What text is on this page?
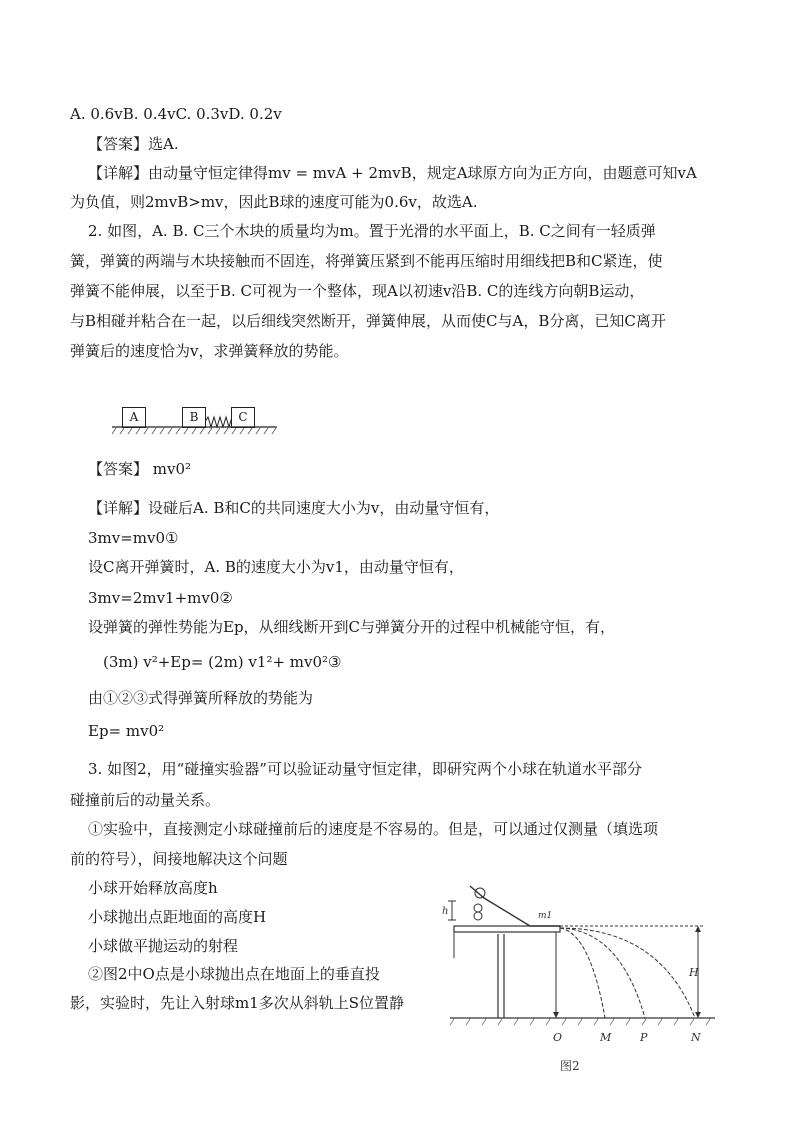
A. 0.6vB. 0.4vC. 0.3vD. 0.2v
【答案】选A.
【详解】由动量守恒定律得mv = mvA + 2mvB，规定A球原方向为正方向，由题意可知vA
为负值，则2mvB>mv，因此B球的速度可能为0.6v，故选A.
2. 如图，A. B. C三个木块的质量均为m。置于光滑的水平面上，B. C之间有一轻质弹
簧，弹簧的两端与木块接触而不固连，将弹簧压紧到不能再压缩时用细线把B和C紧连，使
弹簧不能伸展，以至于B. C可视为一个整体，现A以初速v沿B. C的连线方向朝B运动，
与B相碰并粘合在一起，以后细线突然断开，弹簧伸展，从而使C与A，B分离，已知C离开
弹簧后的速度恰为v，求弹簧释放的势能。
A	B	C
【答案】 mv0²
【详解】设碰后A. B和C的共同速度大小为v，由动量守恒有，
3mv=mv0①
设C离开弹簧时，A. B的速度大小为v1，由动量守恒有，
3mv=2mv1+mv0②
设弹簧的弹性势能为Ep，从细线断开到C与弹簧分开的过程中机械能守恒，有，
(3m) v²+Ep= (2m) v1²+ mv0²③
由①②③式得弹簧所释放的势能为
Ep= mv0²
3. 如图2，用“碰撞实验器”可以验证动量守恒定律，即研究两个小球在轨道水平部分
碰撞前后的动量关系。
①实验中，直接测定小球碰撞前后的速度是不容易的。但是，可以通过仅测量（填选项
前的符号），间接地解决这个问题
小球开始释放高度h
小球抛出点距地面的高度H
小球做平抛运动的射程
②图2中O点是小球抛出点在地面上的垂直投
影，实验时，先让入射球m1多次从斜轨上S位置静
h	m1
H
O	M	P	N
图2
